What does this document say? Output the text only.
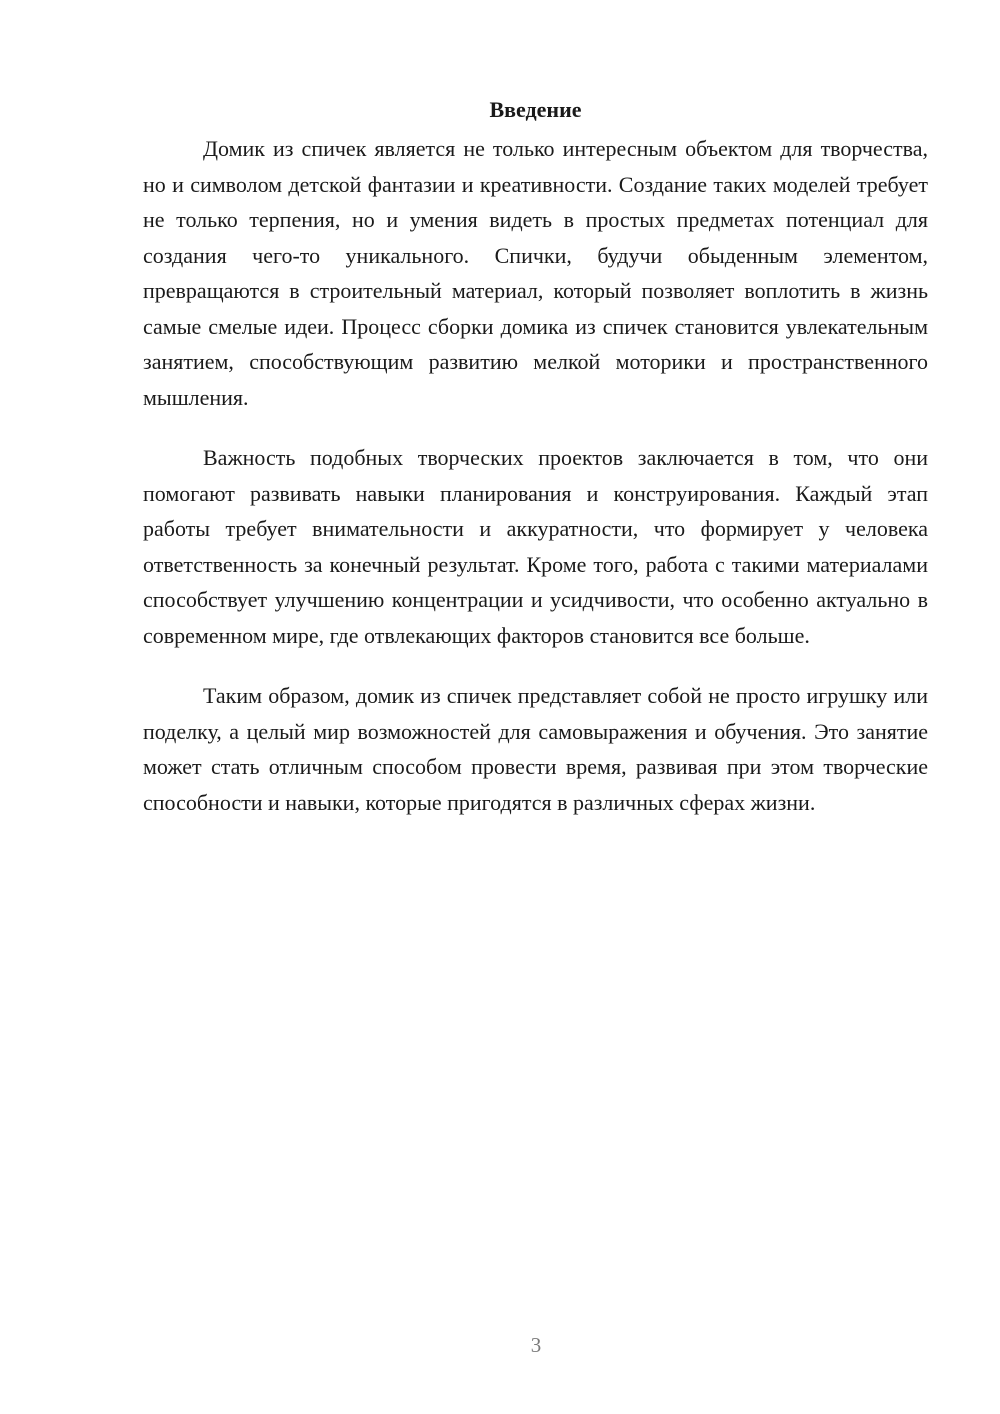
Введение

Домик из спичек является не только интересным объектом для творчества, но и символом детской фантазии и креативности. Создание таких моделей требует не только терпения, но и умения видеть в простых предметах потенциал для создания чего-то уникального. Спички, будучи обыденным элементом, превращаются в строительный материал, который позволяет воплотить в жизнь самые смелые идеи. Процесс сборки домика из спичек становится увлекательным занятием, способствующим развитию мелкой моторики и пространственного мышления.

Важность подобных творческих проектов заключается в том, что они помогают развивать навыки планирования и конструирования. Каждый этап работы требует внимательности и аккуратности, что формирует у человека ответственность за конечный результат. Кроме того, работа с такими материалами способствует улучшению концентрации и усидчивости, что особенно актуально в современном мире, где отвлекающих факторов становится все больше.

Таким образом, домик из спичек представляет собой не просто игрушку или поделку, а целый мир возможностей для самовыражения и обучения. Это занятие может стать отличным способом провести время, развивая при этом творческие способности и навыки, которые пригодятся в различных сферах жизни.

3
